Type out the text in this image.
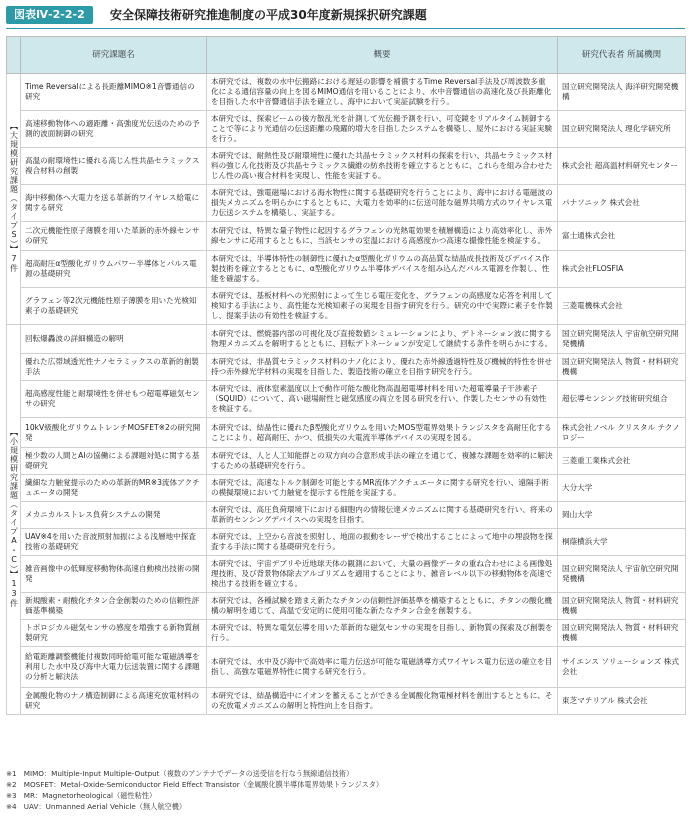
図表Ⅳ-2-2-2	安全保障技術研究推進制度の平成30年度新規採択研究課題
	研究課題名	概要	研究代表者 所属機関
【大規模研究課題（タイプS）】7件	Time Reversalによる長距離MIMO※1音響通信の研究	本研究では、複数の水中伝搬路における遅延の影響を補償するTime Reversal手法及び周波数多重化による通信容量の向上を図るMIMO通信を用いることにより、水中音響通信の高速化及び長距離化を目指した水中音響通信手法を確立し、海中において実証試験を行う。	国立研究開発法人 海洋研究開発機構
	高速移動物体への適距離・高強度光伝送のための予測的波面制御の研究	本研究では、探索ビームの後方散乱光を計測して光伝搬予測を行い、可変鏡をリアルタイム制御することで等により光通信の伝送距離の飛躍的増大を目指したシステムを構築し、屋外における実証実験を行う。	国立研究開発法人 理化学研究所
	高温の耐環境性に優れる高じん性共晶セラミックス複合材料の創製	本研究では、耐熱性及び耐環境性に優れた共晶セラミックス材料の探索を行い、共晶セラミックス材料の強じん化技術及び共晶セラミックス繊維の紡糸技術を確立するとともに、これらを組み合わせたじん性の高い複合材料を実現し、性能を実証する。	株式会社 超高温材料研究センター
	海中移動体へ大電力を送る革新的ワイヤレス給電に関する研究	本研究では、強電磁場における海水物性に関する基礎研究を行うことにより、海中における電磁波の損失メカニズムを明らかにするとともに、大電力を効率的に伝送可能な磁界共鳴方式のワイヤレス電力伝送システムを構築し、実証する。	パナソニック 株式会社
	二次元機能性原子薄膜を用いた革新的赤外線センサの研究	本研究では、特異な量子物性に起因するグラフェンの光熱電効果を積層構造により高効率化し、赤外線センサに応用するとともに、当該センサの室温における高感度かつ高速な撮像性能を検証する。	富士通株式会社
	超高耐圧α型酸化ガリウムパワー半導体とパルス電源の基礎研究	本研究では、半導体特性の制御性に優れたα型酸化ガリウムの高品質な結晶成長技術及びデバイス作製技術を確立するとともに、α型酸化ガリウム半導体デバイスを組み込んだパルス電源を作製し、性能を確認する。	株式会社FLOSFIA
	グラフェン等2次元機能性原子薄膜を用いた光検知素子の基礎研究	本研究では、基板材料への光照射によって生じる電圧変化を、グラフェンの高感度な応答を利用して検知する手法により、高性能な光検知素子の実現を目指す研究を行う。研究の中で実際に素子を作製し、提案手法の有効性を検証する。	三菱電機株式会社
【小規模研究課題（タイプA・C）】13件	回転爆轟波の詳細構造の解明	本研究では、燃焼器内部の可視化及び直接数値シミュレーションにより、デトネーション波に関する物理メカニズムを解明するとともに、回転デトネーションが安定して継続する条件を明らかにする。	国立研究開発法人 宇宙航空研究開発機構
	優れた広帯域透光性ナノセラミックスの革新的創製手法	本研究では、非晶質セラミックス材料のナノ化により、優れた赤外線透過特性及び機械的特性を併せ持つ赤外線光学材料の実現を目指した、製造技術の確立を目指す研究を行う。	国立研究開発法人 物質・材料研究機構
	超高感度性能と耐環境性を併せもつ超電導磁気センサの研究	本研究では、液体窒素温度以上で動作可能な酸化物高温超電導材料を用いた超電導量子干渉素子（SQUID）について、高い磁場耐性と磁気感度の両立を図る研究を行い、作製したセンサの有効性を検証する。	超伝導センシング技術研究組合
	10kV級酸化ガリウムトレンチMOSFET※2の研究開発	本研究では、結晶性に優れたβ型酸化ガリウムを用いたMOS型電界効果トランジスタを高耐圧化することにより、超高耐圧、かつ、低損失の大電流半導体デバイスの実現を図る。	株式会社ノベル クリスタル テクノロジー
	極少数の人間とAIの協働による課題対処に関する基礎研究	本研究では、人と人工知能群との双方向の合意形成手法の確立を通じて、複雑な課題を効率的に解決するための基礎研究を行う。	三菱重工業株式会社
	繊細な力触覚提示のための革新的MR※3流体アクチュエータの開発	本研究では、高速なトルク制御を可能とするMR流体アクチュエータに関する研究を行い、遠隔手術の模擬環境において力触覚を提示する性能を実証する。	大分大学
	メカニカルストレス負荷システムの開発	本研究では、高圧負荷環境下における細胞内の情報伝達メカニズムに関する基礎研究を行い、将来の革新的センシングデバイスへの実現を目指す。	岡山大学
	UAV※4を用いた音波照射加振による浅層地中探査技術の基礎研究	本研究では、上空から音波を照射し、地面の振動をレーザで検出することによって地中の埋設物を探査する手法に関する基礎研究を行う。	桐蔭横浜大学
	雑音画像中の低輝度移動物体高速自動検出技術の開発	本研究では、宇宙デブリや近地球天体の観測において、大量の画像データの重ね合わせによる画像処理技術、及び背景物体除去アルゴリズムを適用することにより、雑音レベル以下の移動物体を高速で検出する技術を確立する。	国立研究開発法人 宇宙航空研究開発機構
	新規酸素・耐酸化チタン合金創製のための信頼性評価基準構築	本研究では、各種試験を踏まえ新たなチタンの信頼性評価基準を構築するとともに、チタンの酸化機構の解明を通じて、高温で安定的に使用可能な新たなチタン合金を創製する。	国立研究開発法人 物質・材料研究機構
	トポロジカル磁気センサの感度を増強する新物質創製研究	本研究では、特異な電気伝導を用いた革新的な磁気センサの実現を目指し、新物質の探索及び創製を行う。	国立研究開発法人 物質・材料研究機構
	給電距離調整機能付複数同時給電可能な電磁誘導を利用した水中及び海中大電力伝送装置に関する課題の分析と解決法	本研究では、水中及び海中で高効率に電力伝送が可能な電磁誘導方式ワイヤレス電力伝送の確立を目指し、高強な電磁界特性に関する研究を行う。	サイエンス ソリューションズ 株式会社
	金属酸化物のナノ構造制御による高速充放電材料の研究	本研究では、結晶構造中にイオンを蓄えることができる金属酸化物電極材料を創出するとともに、その充放電メカニズムの解明と特性向上を目指す。	東芝マテリアル 株式会社
※1　MIMO：Multiple-Input Multiple-Output（複数のアンテナでデータの送受信を行なう無線通信技術）
※2　MOSFET：Metal-Oxide-Semiconductor Field Effect Transistor（金属酸化膜半導体電界効果トランジスタ）
※3　MR：Magnetorheological（磁性粘性）
※4　UAV：Unmanned Aerial Vehicle（無人航空機）
